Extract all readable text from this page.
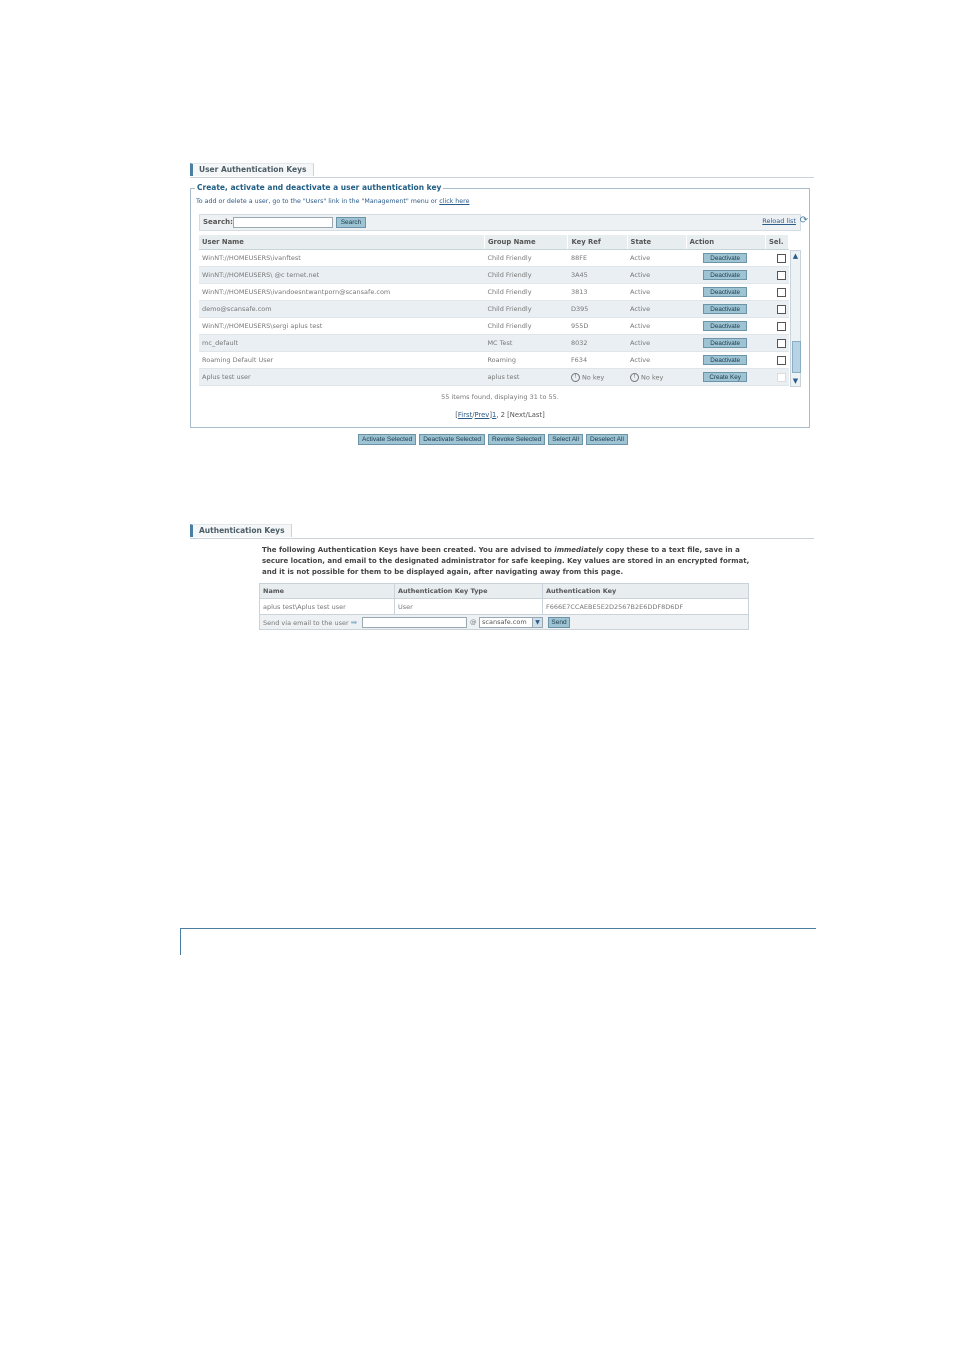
User Authentication Keys
Create, activate and deactivate a user authentication key
To add or delete a user, go to the "Users" link in the "Management" menu or click here
Search:	Search	Reload list ⟳
User Name	Group Name	Key Ref	State	Action	Sel.
WinNT://HOMEUSERS\ivanftest	Child Friendly	88FE	Active	Deactivate	
WinNT://HOMEUSERS\ @c ternet.net	Child Friendly	3A45	Active	Deactivate	
WinNT://HOMEUSERS\ivandoesntwantporn@scansafe.com	Child Friendly	3813	Active	Deactivate	
demo@scansafe.com	Child Friendly	D395	Active	Deactivate	
WinNT://HOMEUSERS\sergi aplus test	Child Friendly	955D	Active	Deactivate	
mc_default	MC Test	8032	Active	Deactivate	
Roaming Default User	Roaming	F634	Active	Deactivate	
Aplus test user	aplus test	! No key	! No key	Create Key	
▲
▼
55 items found, displaying 31 to 55.
[First/Prev]1, 2 [Next/Last]
Activate Selected	Deactivate Selected	Revoke Selected	Select All	Deselect All
Authentication Keys
The following Authentication Keys have been created. You are advised to immediately copy these to a text file, save in a secure location, and email to the designated administrator for safe keeping. Key values are stored in an encrypted format, and it is not possible for them to be displayed again, after navigating away from this page.
Name	Authentication Key Type	Authentication Key
aplus test\Aplus test user	User	F666E7CCAEBE5E2D2567B2E6DDF8D6DF
Send via email to the user ➡	@ scansafe.com	▼	Send
